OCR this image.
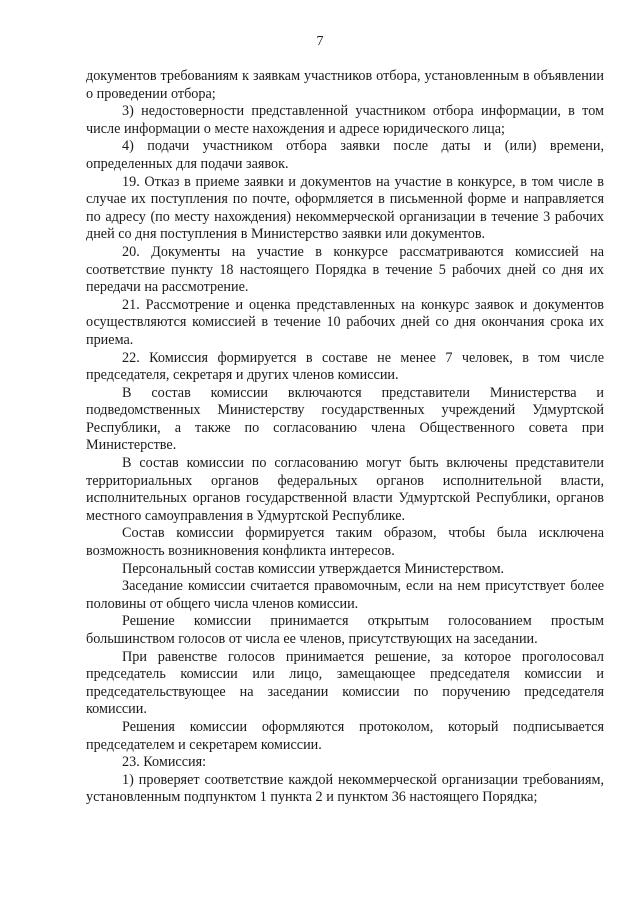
7

документов требованиям к заявкам участников отбора, установленным в объявлении о проведении отбора;

3) недостоверности представленной участником отбора информации, в том числе информации о месте нахождения и адресе юридического лица;

4) подачи участником отбора заявки после даты и (или) времени, определенных для подачи заявок.

19. Отказ в приеме заявки и документов на участие в конкурсе, в том числе в случае их поступления по почте, оформляется в письменной форме и направляется по адресу (по месту нахождения) некоммерческой организации в течение 3 рабочих дней со дня поступления в Министерство заявки или документов.

20. Документы на участие в конкурсе рассматриваются комиссией на соответствие пункту 18 настоящего Порядка в течение 5 рабочих дней со дня их передачи на рассмотрение.

21. Рассмотрение и оценка представленных на конкурс заявок и документов осуществляются комиссией в течение 10 рабочих дней со дня окончания срока их приема.

22. Комиссия формируется в составе не менее 7 человек, в том числе председателя, секретаря и других членов комиссии.

В состав комиссии включаются представители Министерства и подведомственных Министерству государственных учреждений Удмуртской Республики, а также по согласованию члена Общественного совета при Министерстве.

В состав комиссии по согласованию могут быть включены представители территориальных органов федеральных органов исполнительной власти, исполнительных органов государственной власти Удмуртской Республики, органов местного самоуправления в Удмуртской Республике.

Состав комиссии формируется таким образом, чтобы была исключена возможность возникновения конфликта интересов.

Персональный состав комиссии утверждается Министерством.

Заседание комиссии считается правомочным, если на нем присутствует более половины от общего числа членов комиссии.

Решение комиссии принимается открытым голосованием простым большинством голосов от числа ее членов, присутствующих на заседании.

При равенстве голосов принимается решение, за которое проголосовал председатель комиссии или лицо, замещающее председателя комиссии и председательствующее на заседании комиссии по поручению председателя комиссии.

Решения комиссии оформляются протоколом, который подписывается председателем и секретарем комиссии.

23. Комиссия:

1) проверяет соответствие каждой некоммерческой организации требованиям, установленным подпунктом 1 пункта 2 и пунктом 36 настоящего Порядка;
